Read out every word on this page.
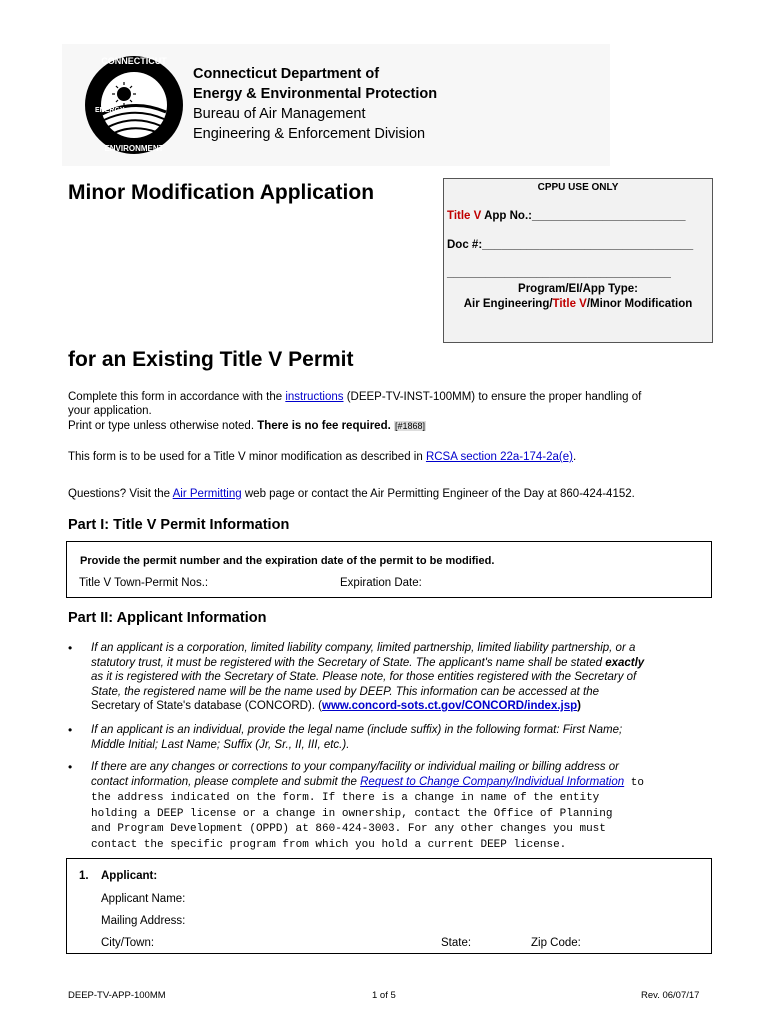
CONNECTICUT
ENERGY
ENVIRONMENT
Connecticut Department of
Energy & Environmental Protection
Bureau of Air Management
Engineering & Enforcement Division
Minor Modification Application	CPPU USE ONLY
Title V App No.:________________________
Doc #:_________________________________
___________________________________
Program/EI/App Type:
Air Engineering/Title V/Minor Modification
for an Existing Title V Permit
Complete this form in accordance with the instructions (DEEP-TV-INST-100MM) to ensure the proper handling of
your application.
Print or type unless otherwise noted. There is no fee required. [#1868]
This form is to be used for a Title V minor modification as described in RCSA section 22a-174-2a(e).
Questions? Visit the Air Permitting web page or contact the Air Permitting Engineer of the Day at 860-424-4152.
Part I: Title V Permit Information
Provide the permit number and the expiration date of the permit to be modified.
Title V Town-Permit Nos.:	Expiration Date:
Part II: Applicant Information
• If an applicant is a corporation, limited liability company, limited partnership, limited liability partnership, or a
statutory trust, it must be registered with the Secretary of State. The applicant's name shall be stated exactly
as it is registered with the Secretary of State. Please note, for those entities registered with the Secretary of
State, the registered name will be the name used by DEEP. This information can be accessed at the
Secretary of State's database (CONCORD). (www.concord-sots.ct.gov/CONCORD/index.jsp)
• If an applicant is an individual, provide the legal name (include suffix) in the following format: First Name;
Middle Initial; Last Name; Suffix (Jr, Sr., II, III, etc.).
• If there are any changes or corrections to your company/facility or individual mailing or billing address or
contact information, please complete and submit the Request to Change Company/Individual Information to
the address indicated on the form. If there is a change in name of the entity
holding a DEEP license or a change in ownership, contact the Office of Planning
and Program Development (OPPD) at 860-424-3003. For any other changes you must
contact the specific program from which you hold a current DEEP license.
1. Applicant:
Applicant Name:
Mailing Address:
City/Town:	State:	Zip Code:
DEEP-TV-APP-100MM	1 of 5	Rev. 06/07/17
